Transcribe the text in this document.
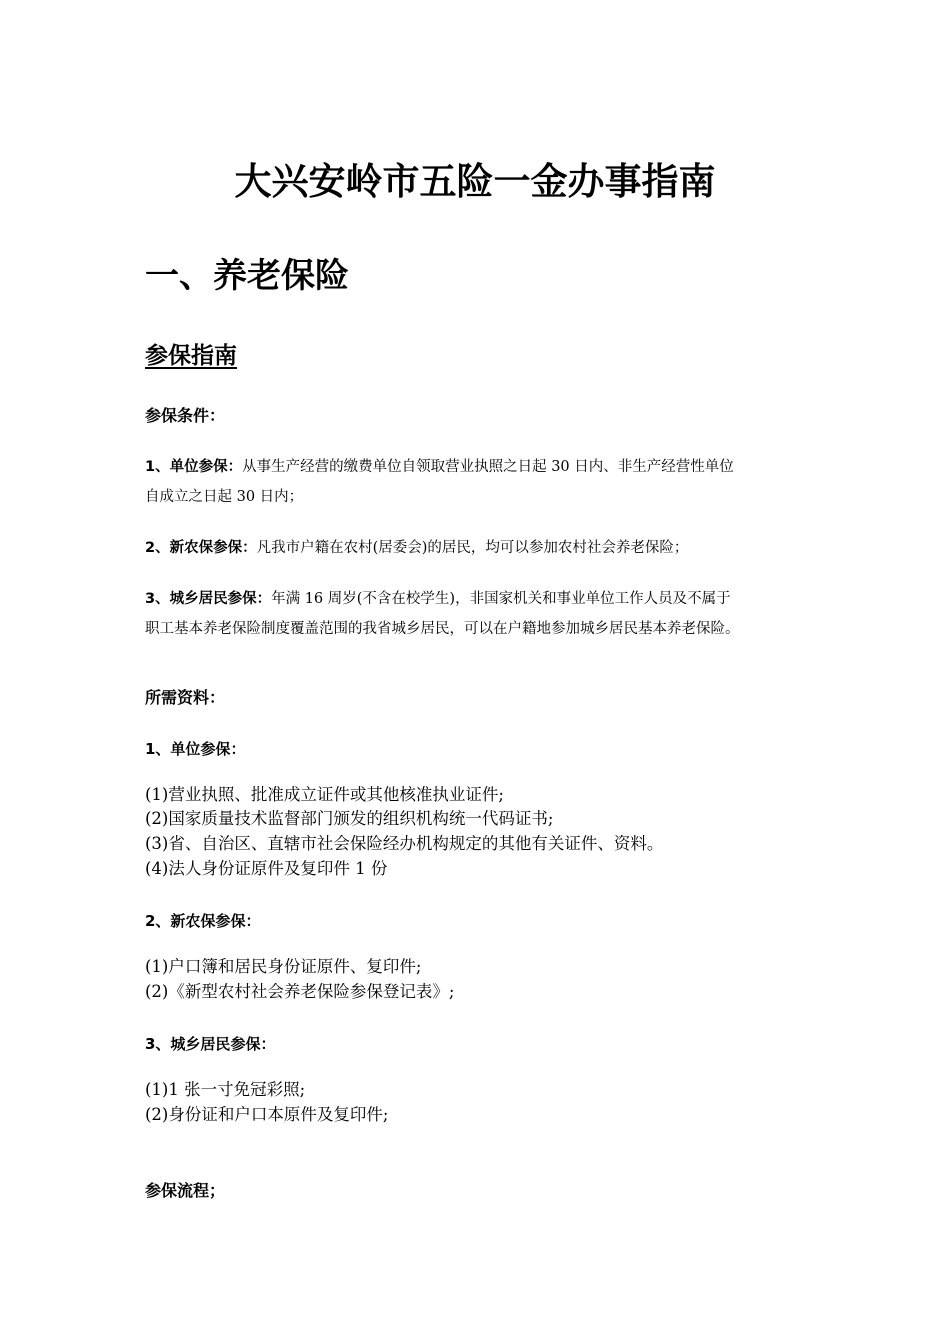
大兴安岭市五险一金办事指南
一、养老保险
参保指南
参保条件：
1、单位参保：从事生产经营的缴费单位自领取营业执照之日起 30 日内、非生产经营性单位
自成立之日起 30 日内；
2、新农保参保：凡我市户籍在农村(居委会)的居民，均可以参加农村社会养老保险；
3、城乡居民参保：年满 16 周岁(不含在校学生)，非国家机关和事业单位工作人员及不属于
职工基本养老保险制度覆盖范围的我省城乡居民，可以在户籍地参加城乡居民基本养老保险。
所需资料：
1、单位参保：
(1)营业执照、批准成立证件或其他核准执业证件;
(2)国家质量技术监督部门颁发的组织机构统一代码证书;
(3)省、自治区、直辖市社会保险经办机构规定的其他有关证件、资料。
(4)法人身份证原件及复印件 1 份
2、新农保参保：
(1)户口簿和居民身份证原件、复印件;
(2)《新型农村社会养老保险参保登记表》;
3、城乡居民参保：
(1)1 张一寸免冠彩照;
(2)身份证和户口本原件及复印件;
参保流程；
